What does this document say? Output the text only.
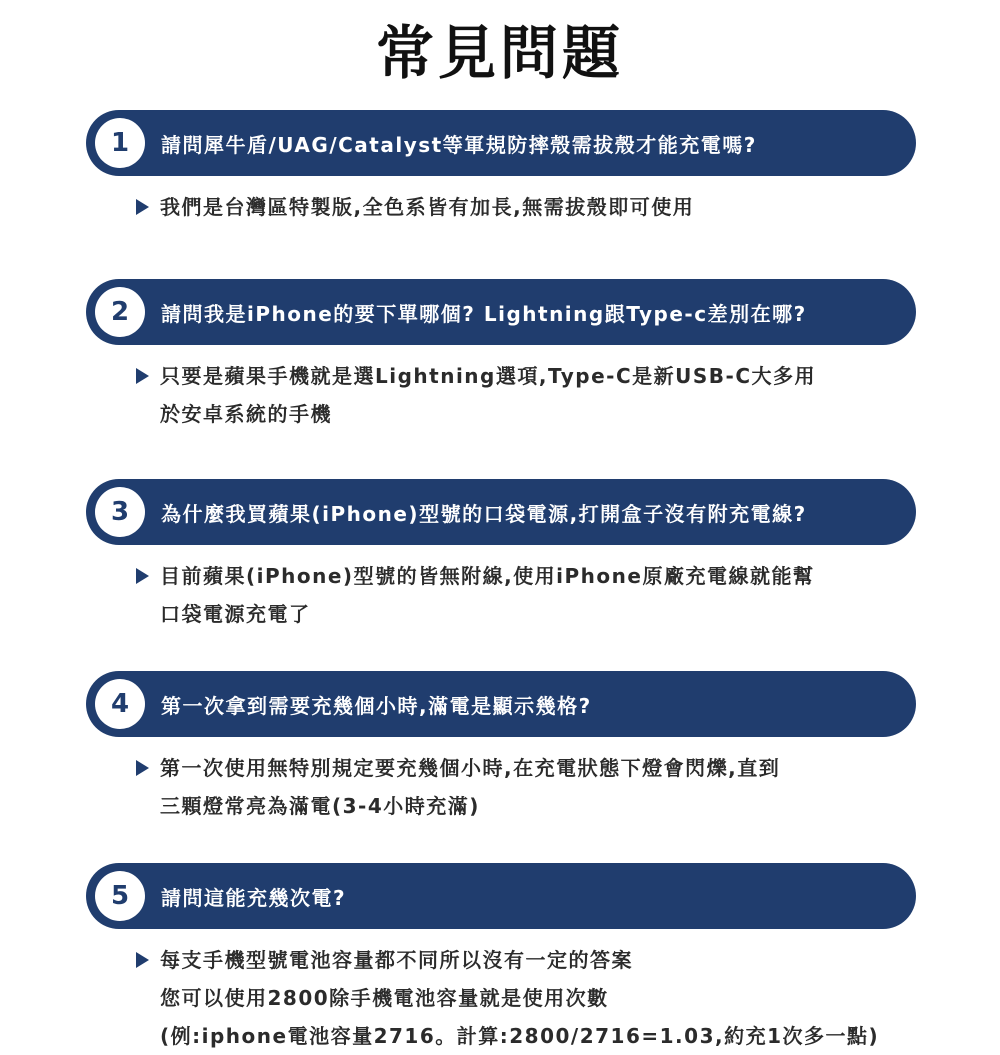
常見問題
1	請問犀牛盾/UAG/Catalyst等軍規防摔殼需拔殼才能充電嗎?
我們是台灣區特製版,全色系皆有加長,無需拔殼即可使用
2	請問我是iPhone的要下單哪個? Lightning跟Type-c差別在哪?
只要是蘋果手機就是選Lightning選項,Type-C是新USB-C大多用
於安卓系統的手機
3	為什麼我買蘋果(iPhone)型號的口袋電源,打開盒子沒有附充電線?
目前蘋果(iPhone)型號的皆無附線,使用iPhone原廠充電線就能幫
口袋電源充電了
4	第一次拿到需要充幾個小時,滿電是顯示幾格?
第一次使用無特別規定要充幾個小時,在充電狀態下燈會閃爍,直到
三顆燈常亮為滿電(3-4小時充滿)
5	請問這能充幾次電?
每支手機型號電池容量都不同所以沒有一定的答案
您可以使用2800除手機電池容量就是使用次數
(例:iphone電池容量2716。計算:2800/2716=1.03,約充1次多一點)
